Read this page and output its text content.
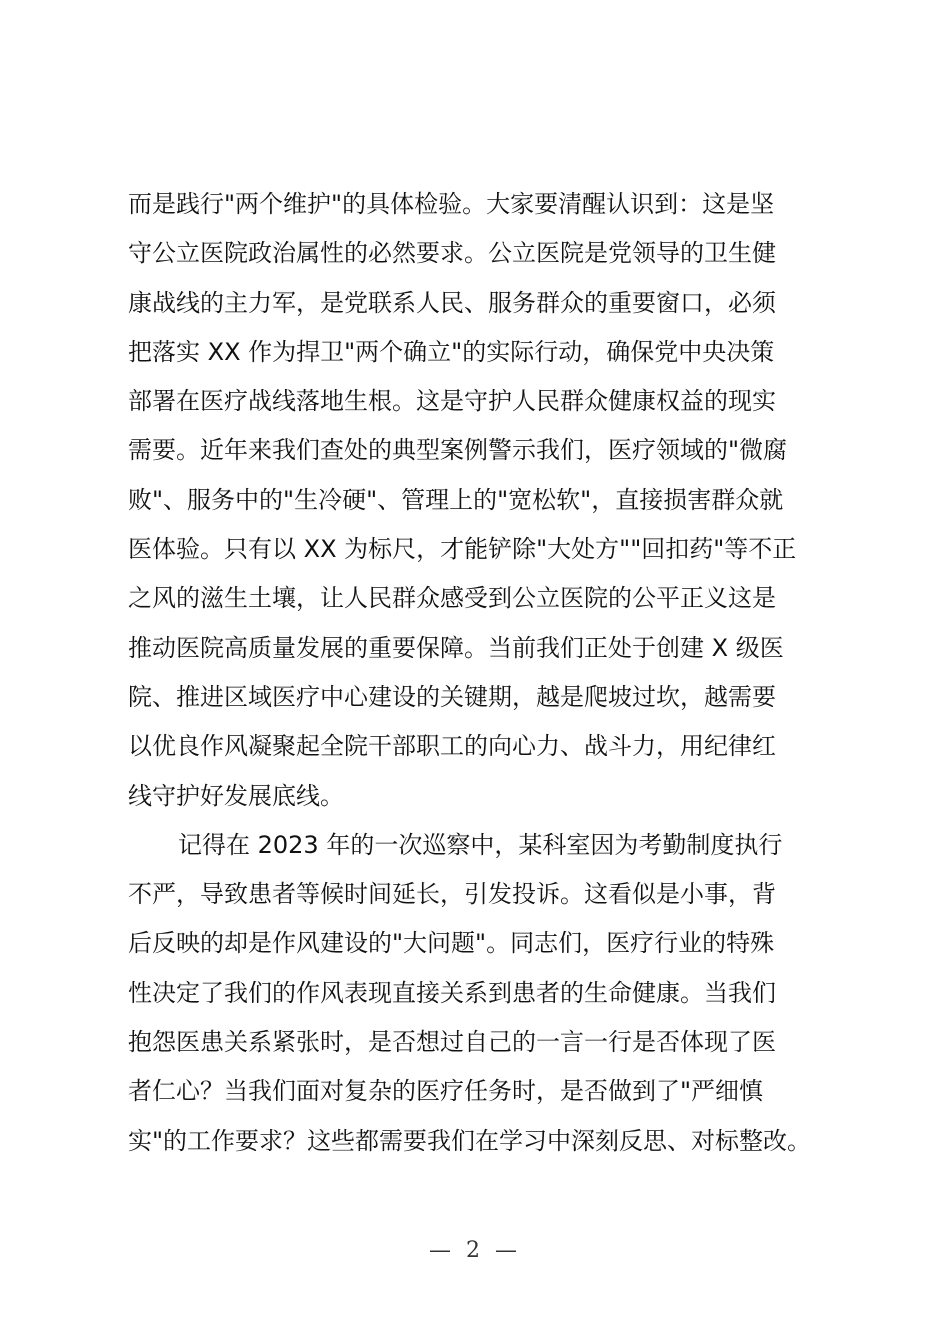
而是践行"两个维护"的具体检验。大家要清醒认识到：这是坚
守公立医院政治属性的必然要求。公立医院是党领导的卫生健
康战线的主力军，是党联系人民、服务群众的重要窗口，必须
把落实 XX 作为捍卫"两个确立"的实际行动，确保党中央决策
部署在医疗战线落地生根。这是守护人民群众健康权益的现实
需要。近年来我们查处的典型案例警示我们，医疗领域的"微腐
败"、服务中的"生冷硬"、管理上的"宽松软"，直接损害群众就
医体验。只有以 XX 为标尺，才能铲除"大处方""回扣药"等不正
之风的滋生土壤，让人民群众感受到公立医院的公平正义这是
推动医院高质量发展的重要保障。当前我们正处于创建 X 级医
院、推进区域医疗中心建设的关键期，越是爬坡过坎，越需要
以优良作风凝聚起全院干部职工的向心力、战斗力，用纪律红
线守护好发展底线。
记得在 2023 年的一次巡察中，某科室因为考勤制度执行
不严，导致患者等候时间延长，引发投诉。这看似是小事，背
后反映的却是作风建设的"大问题"。同志们，医疗行业的特殊
性决定了我们的作风表现直接关系到患者的生命健康。当我们
抱怨医患关系紧张时，是否想过自己的一言一行是否体现了医
者仁心？当我们面对复杂的医疗任务时，是否做到了"严细慎
实"的工作要求？这些都需要我们在学习中深刻反思、对标整改。
— 2 —
